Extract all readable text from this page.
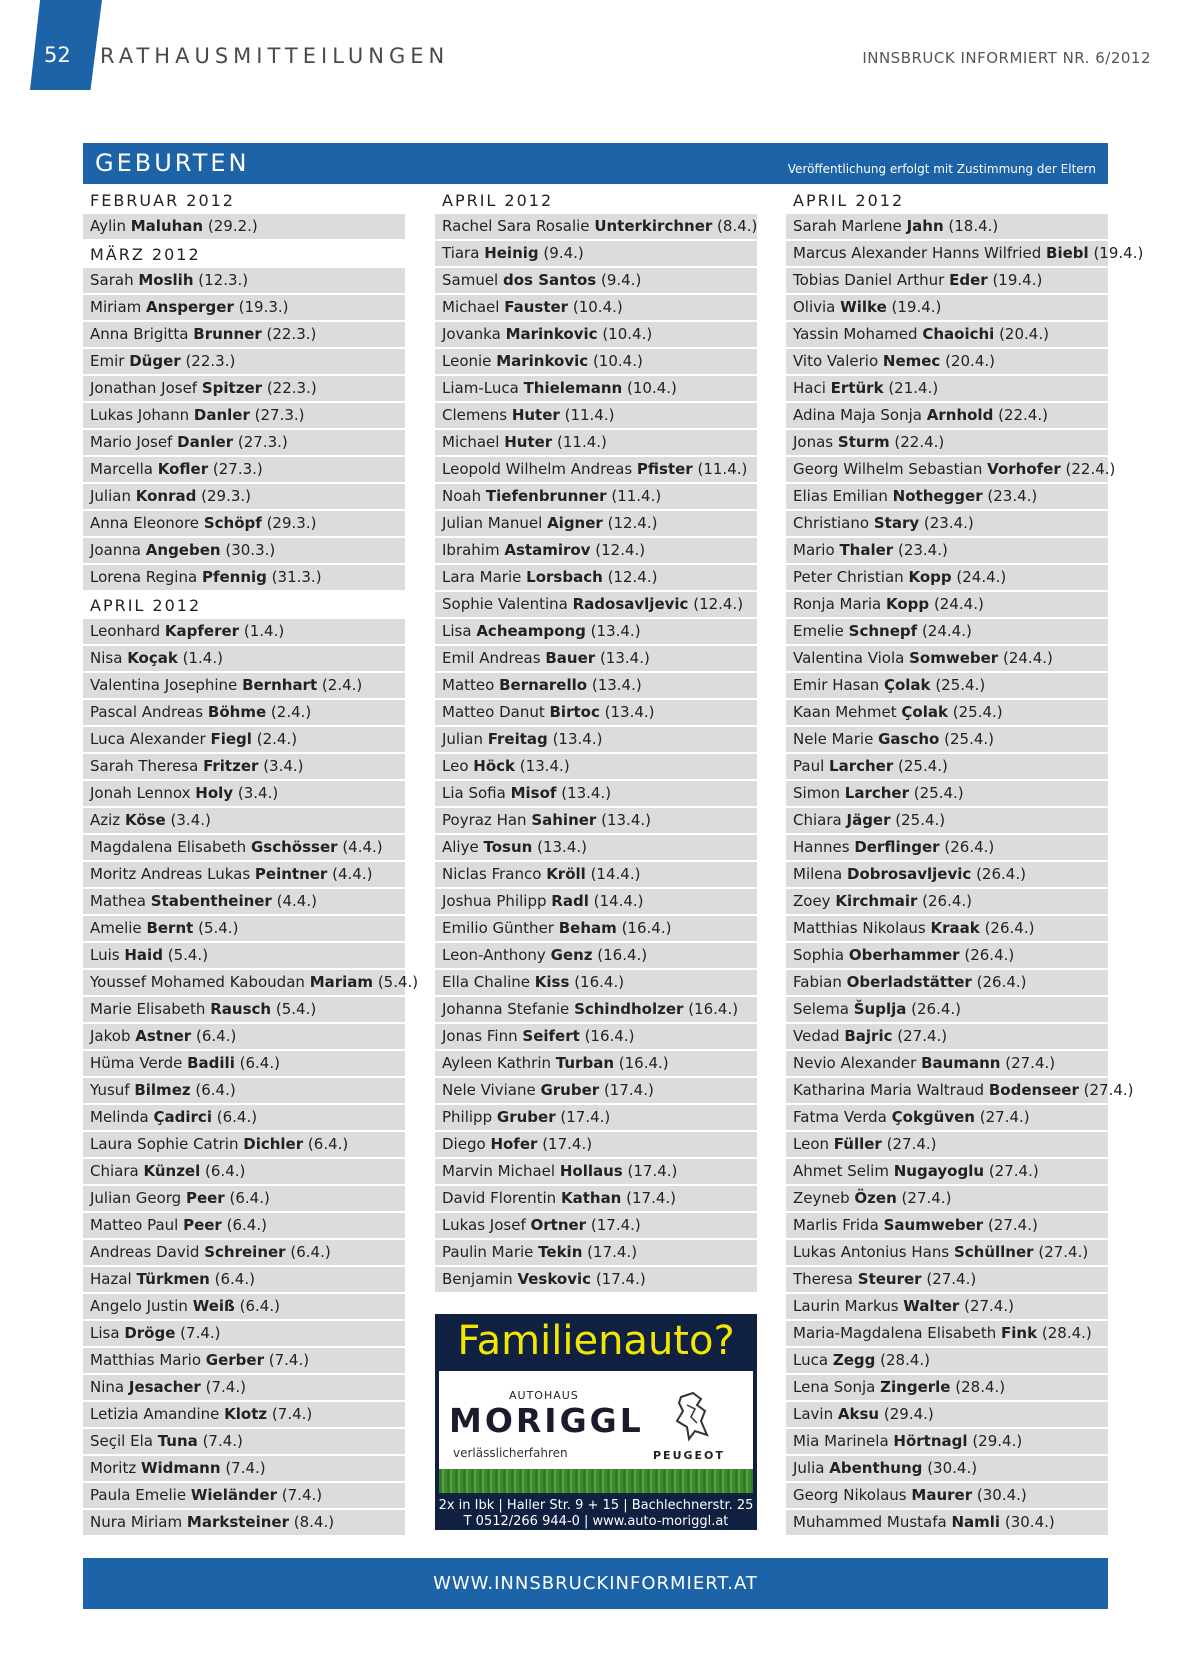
52 RATHAUSMITTEILUNGEN	INNSBRUCK INFORMIERT NR. 6/2012
GEBURTEN	Veröffentlichung erfolgt mit Zustimmung der Eltern
FEBRUAR 2012
Aylin Maluhan (29.2.)
MÄRZ 2012
Sarah Moslih (12.3.)
Miriam Ansperger (19.3.)
Anna Brigitta Brunner (22.3.)
Emir Düger (22.3.)
Jonathan Josef Spitzer (22.3.)
Lukas Johann Danler (27.3.)
Mario Josef Danler (27.3.)
Marcella Kofler (27.3.)
Julian Konrad (29.3.)
Anna Eleonore Schöpf (29.3.)
Joanna Angeben (30.3.)
Lorena Regina Pfennig (31.3.)
APRIL 2012
Leonhard Kapferer (1.4.)
Nisa Koçak (1.4.)
Valentina Josephine Bernhart (2.4.)
Pascal Andreas Böhme (2.4.)
Luca Alexander Fiegl (2.4.)
Sarah Theresa Fritzer (3.4.)
Jonah Lennox Holy (3.4.)
Aziz Köse (3.4.)
Magdalena Elisabeth Gschösser (4.4.)
Moritz Andreas Lukas Peintner (4.4.)
Mathea Stabentheiner (4.4.)
Amelie Bernt (5.4.)
Luis Haid (5.4.)
Youssef Mohamed Kaboudan Mariam (5.4.)
Marie Elisabeth Rausch (5.4.)
Jakob Astner (6.4.)
Hüma Verde Badili (6.4.)
Yusuf Bilmez (6.4.)
Melinda Çadirci (6.4.)
Laura Sophie Catrin Dichler (6.4.)
Chiara Künzel (6.4.)
Julian Georg Peer (6.4.)
Matteo Paul Peer (6.4.)
Andreas David Schreiner (6.4.)
Hazal Türkmen (6.4.)
Angelo Justin Weiß (6.4.)
Lisa Dröge (7.4.)
Matthias Mario Gerber (7.4.)
Nina Jesacher (7.4.)
Letizia Amandine Klotz (7.4.)
Seçil Ela Tuna (7.4.)
Moritz Widmann (7.4.)
Paula Emelie Wieländer (7.4.)
Nura Miriam Marksteiner (8.4.)
APRIL 2012
Rachel Sara Rosalie Unterkirchner (8.4.)
Tiara Heinig (9.4.)
Samuel dos Santos (9.4.)
Michael Fauster (10.4.)
Jovanka Marinkovic (10.4.)
Leonie Marinkovic (10.4.)
Liam-Luca Thielemann (10.4.)
Clemens Huter (11.4.)
Michael Huter (11.4.)
Leopold Wilhelm Andreas Pfister (11.4.)
Noah Tiefenbrunner (11.4.)
Julian Manuel Aigner (12.4.)
Ibrahim Astamirov (12.4.)
Lara Marie Lorsbach (12.4.)
Sophie Valentina Radosavljevic (12.4.)
Lisa Acheampong (13.4.)
Emil Andreas Bauer (13.4.)
Matteo Bernarello (13.4.)
Matteo Danut Birtoc (13.4.)
Julian Freitag (13.4.)
Leo Höck (13.4.)
Lia Sofia Misof (13.4.)
Poyraz Han Sahiner (13.4.)
Aliye Tosun (13.4.)
Niclas Franco Kröll (14.4.)
Joshua Philipp Radl (14.4.)
Emilio Günther Beham (16.4.)
Leon-Anthony Genz (16.4.)
Ella Chaline Kiss (16.4.)
Johanna Stefanie Schindholzer (16.4.)
Jonas Finn Seifert (16.4.)
Ayleen Kathrin Turban (16.4.)
Nele Viviane Gruber (17.4.)
Philipp Gruber (17.4.)
Diego Hofer (17.4.)
Marvin Michael Hollaus (17.4.)
David Florentin Kathan (17.4.)
Lukas Josef Ortner (17.4.)
Paulin Marie Tekin (17.4.)
Benjamin Veskovic (17.4.)
APRIL 2012
Sarah Marlene Jahn (18.4.)
Marcus Alexander Hanns Wilfried Biebl (19.4.)
Tobias Daniel Arthur Eder (19.4.)
Olivia Wilke (19.4.)
Yassin Mohamed Chaoichi (20.4.)
Vito Valerio Nemec (20.4.)
Haci Ertürk (21.4.)
Adina Maja Sonja Arnhold (22.4.)
Jonas Sturm (22.4.)
Georg Wilhelm Sebastian Vorhofer (22.4.)
Elias Emilian Nothegger (23.4.)
Christiano Stary (23.4.)
Mario Thaler (23.4.)
Peter Christian Kopp (24.4.)
Ronja Maria Kopp (24.4.)
Emelie Schnepf (24.4.)
Valentina Viola Somweber (24.4.)
Emir Hasan Çolak (25.4.)
Kaan Mehmet Çolak (25.4.)
Nele Marie Gascho (25.4.)
Paul Larcher (25.4.)
Simon Larcher (25.4.)
Chiara Jäger (25.4.)
Hannes Derflinger (26.4.)
Milena Dobrosavljevic (26.4.)
Zoey Kirchmair (26.4.)
Matthias Nikolaus Kraak (26.4.)
Sophia Oberhammer (26.4.)
Fabian Oberladstätter (26.4.)
Selema Šuplja (26.4.)
Vedad Bajric (27.4.)
Nevio Alexander Baumann (27.4.)
Katharina Maria Waltraud Bodenseer (27.4.)
Fatma Verda Çokgüven (27.4.)
Leon Füller (27.4.)
Ahmet Selim Nugayoglu (27.4.)
Zeyneb Özen (27.4.)
Marlis Frida Saumweber (27.4.)
Lukas Antonius Hans Schüllner (27.4.)
Theresa Steurer (27.4.)
Laurin Markus Walter (27.4.)
Maria-Magdalena Elisabeth Fink (28.4.)
Luca Zegg (28.4.)
Lena Sonja Zingerle (28.4.)
Lavin Aksu (29.4.)
Mia Marinela Hörtnagl (29.4.)
Julia Abenthung (30.4.)
Georg Nikolaus Maurer (30.4.)
Muhammed Mustafa Namli (30.4.)
Familienauto?
AUTOHAUS
MORIGGL
verlässlicherfahren	PEUGEOT
2x in Ibk | Haller Str. 9 + 15 | Bachlechnerstr. 25
T 0512/266 944-0 | www.auto-moriggl.at
WWW.INNSBRUCKINFORMIERT.AT
